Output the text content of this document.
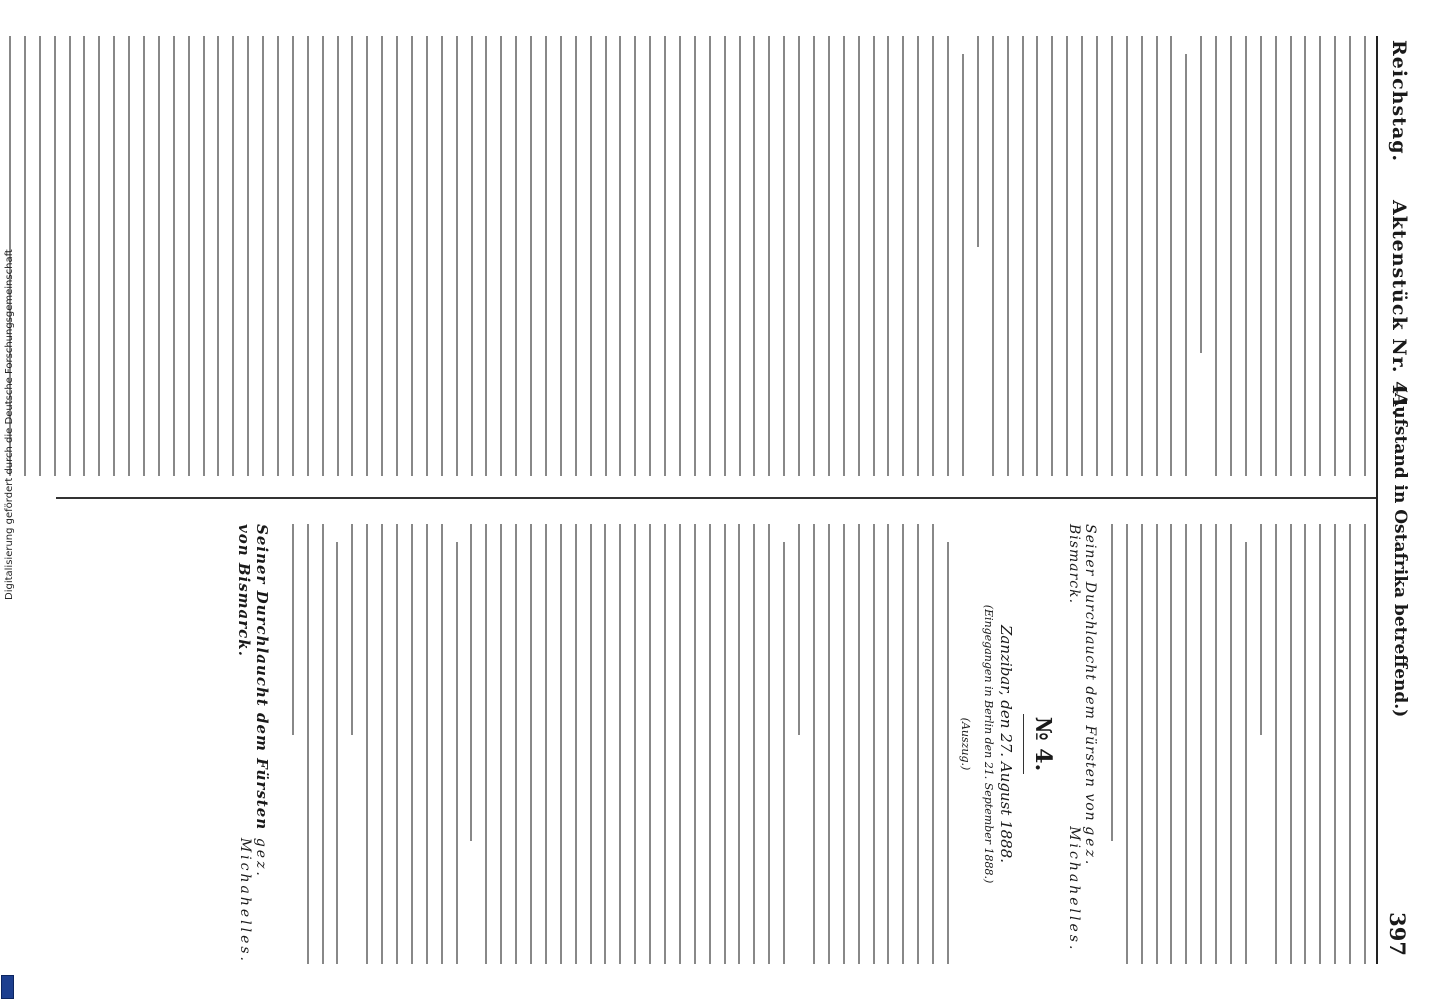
Reichstag.
Aktenstück Nr. 41.
(Aufstand in Ostafrika betreffend.)
397
Seiner Durchlaucht dem Fürsten von Bismarck.
gez. Michahelles.
№ 4.
Zanzibar, den 27. August 1888.
(Eingegangen in Berlin den 21. September 1888.)
(Auszug.)
Seiner Durchlaucht dem Fürsten von Bismarck.
gez. Michahelles.
Digitalisierung gefördert durch die Deutsche Forschungsgemeinschaft
